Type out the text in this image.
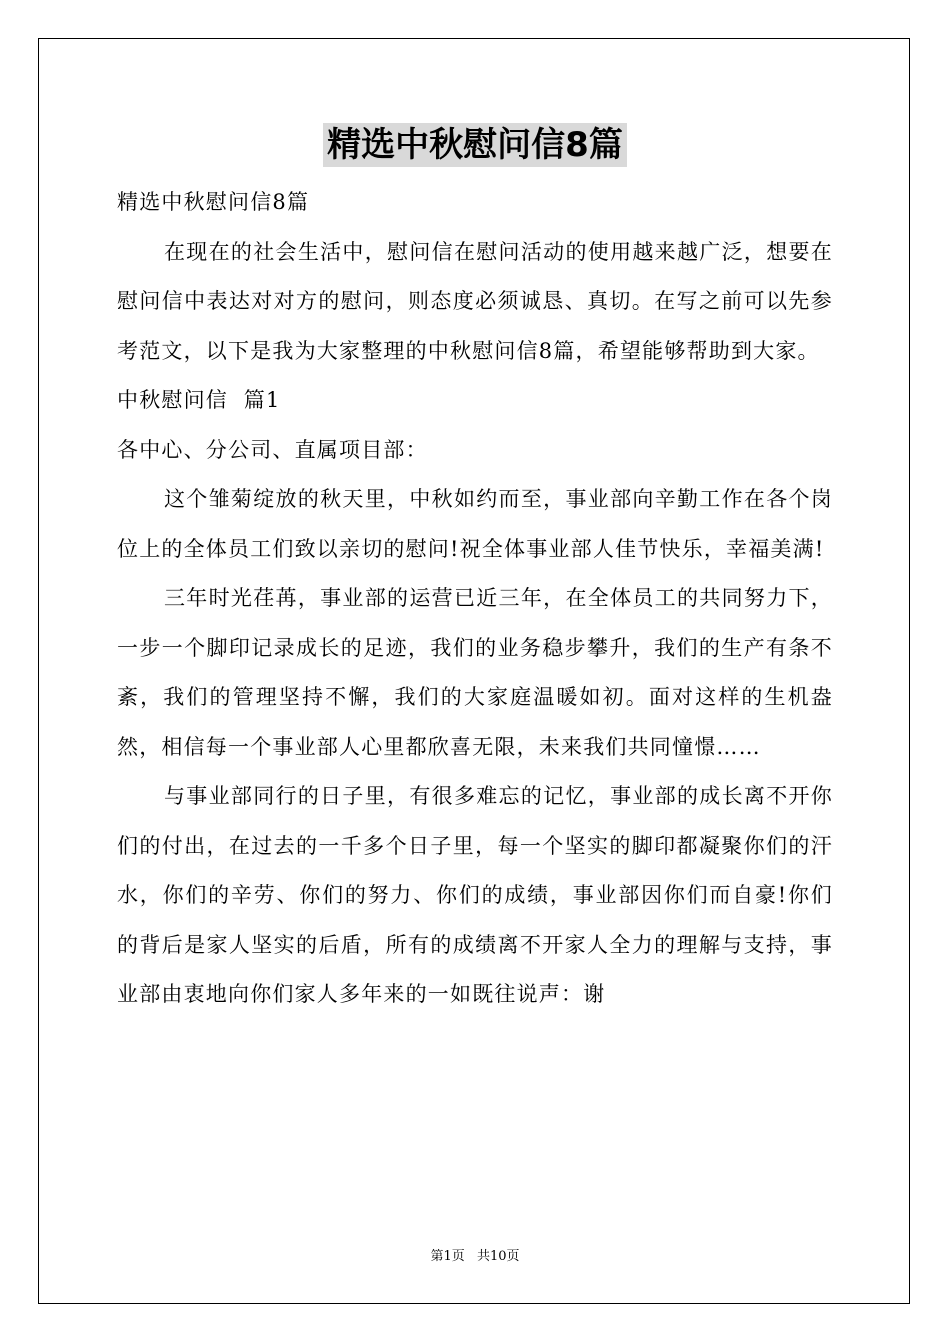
精选中秋慰问信8篇

精选中秋慰问信8篇

在现在的社会生活中，慰问信在慰问活动的使用越来越广泛，想要在慰问信中表达对对方的慰问，则态度必须诚恳、真切。在写之前可以先参考范文，以下是我为大家整理的中秋慰问信8篇，希望能够帮助到大家。

中秋慰问信  篇1

各中心、分公司、直属项目部：

这个雏菊绽放的秋天里，中秋如约而至，事业部向辛勤工作在各个岗位上的全体员工们致以亲切的慰问!祝全体事业部人佳节快乐，幸福美满!

三年时光荏苒，事业部的运营已近三年，在全体员工的共同努力下，一步一个脚印记录成长的足迹，我们的业务稳步攀升，我们的生产有条不紊，我们的管理坚持不懈，我们的大家庭温暖如初。面对这样的生机盎然，相信每一个事业部人心里都欣喜无限，未来我们共同憧憬……

与事业部同行的日子里，有很多难忘的记忆，事业部的成长离不开你们的付出，在过去的一千多个日子里，每一个坚实的脚印都凝聚你们的汗水，你们的辛劳、你们的努力、你们的成绩，事业部因你们而自豪!你们的背后是家人坚实的后盾，所有的成绩离不开家人全力的理解与支持，事业部由衷地向你们家人多年来的一如既往说声：谢

第1页 共10页
